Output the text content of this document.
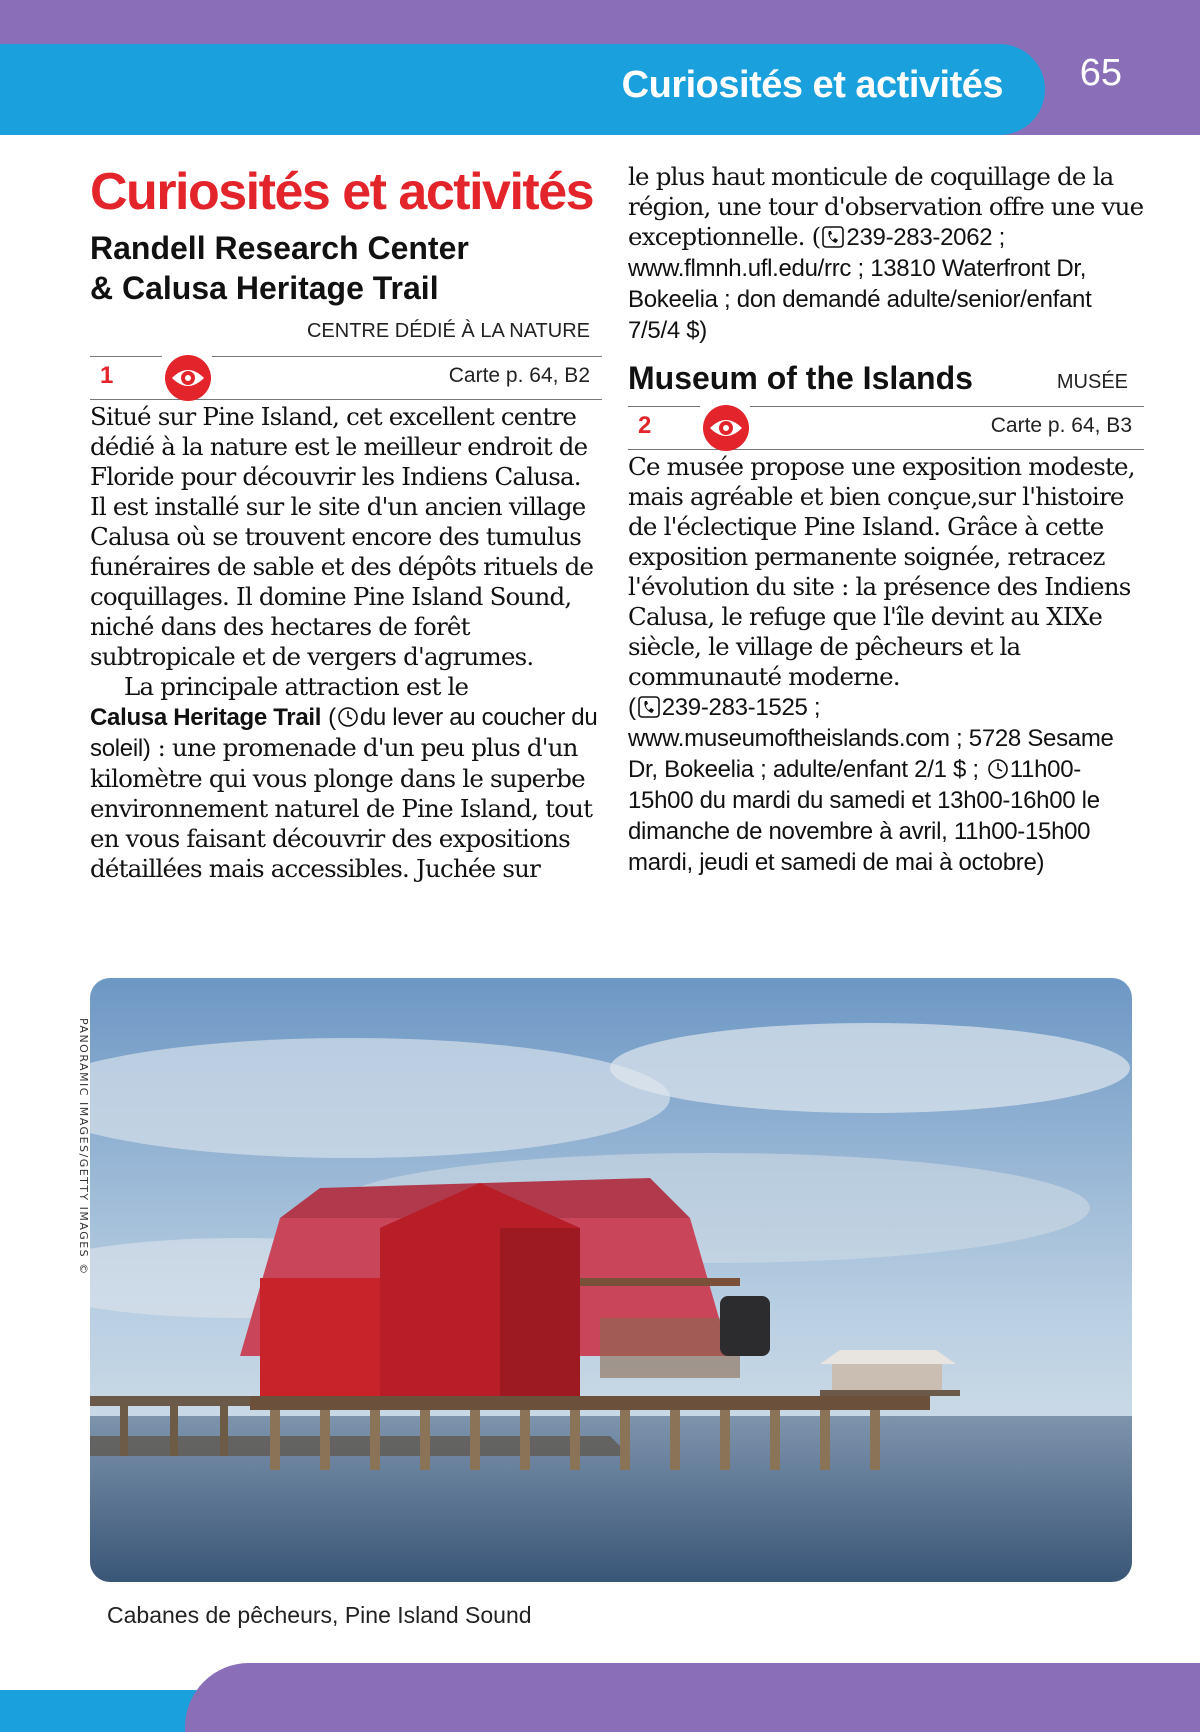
Curiosités et activités 65
Curiosités et activités
Randell Research Center
& Calusa Heritage Trail
CENTRE DÉDIÉ À LA NATURE
1	Carte p. 64, B2

Situé sur Pine Island, cet excellent centre dédié à la nature est le meilleur endroit de Floride pour découvrir les Indiens Calusa. Il est installé sur le site d'un ancien village Calusa où se trouvent encore des tumulus funéraires de sable et des dépôts rituels de coquillages. Il domine Pine Island Sound, niché dans des hectares de forêt subtropicale et de vergers d'agrumes.

La principale attraction est le
Calusa Heritage Trail ( du lever au coucher du soleil) : une promenade d'un peu plus d'un kilomètre qui vous plonge dans le superbe environnement naturel de Pine Island, tout en vous faisant découvrir des expositions détaillées mais accessibles. Juchée sur

le plus haut monticule de coquillage de la région, une tour d'observation offre une vue exceptionnelle. ( 239-283-2062 ; www.flmnh.ufl.edu/rrc ; 13810 Waterfront Dr, Bokeelia ; don demandé adulte/senior/enfant 7/5/4 $)

Museum of the Islands	MUSÉE
2	Carte p. 64, B3

Ce musée propose une exposition modeste, mais agréable et bien conçue,sur l'histoire de l'éclectique Pine Island. Grâce à cette exposition permanente soignée, retracez l'évolution du site : la présence des Indiens Calusa, le refuge que l'île devint au XIXe siècle, le village de pêcheurs et la communauté moderne.
( 239-283-1525 ; www.museumoftheislands.com ; 5728 Sesame Dr, Bokeelia ; adulte/enfant 2/1 $ ; 11h00-15h00 du mardi du samedi et 13h00-16h00 le dimanche de novembre à avril, 11h00-15h00 mardi, jeudi et samedi de mai à octobre)

PANORAMIC IMAGES/GETTY IMAGES ©
Cabanes de pêcheurs, Pine Island Sound
